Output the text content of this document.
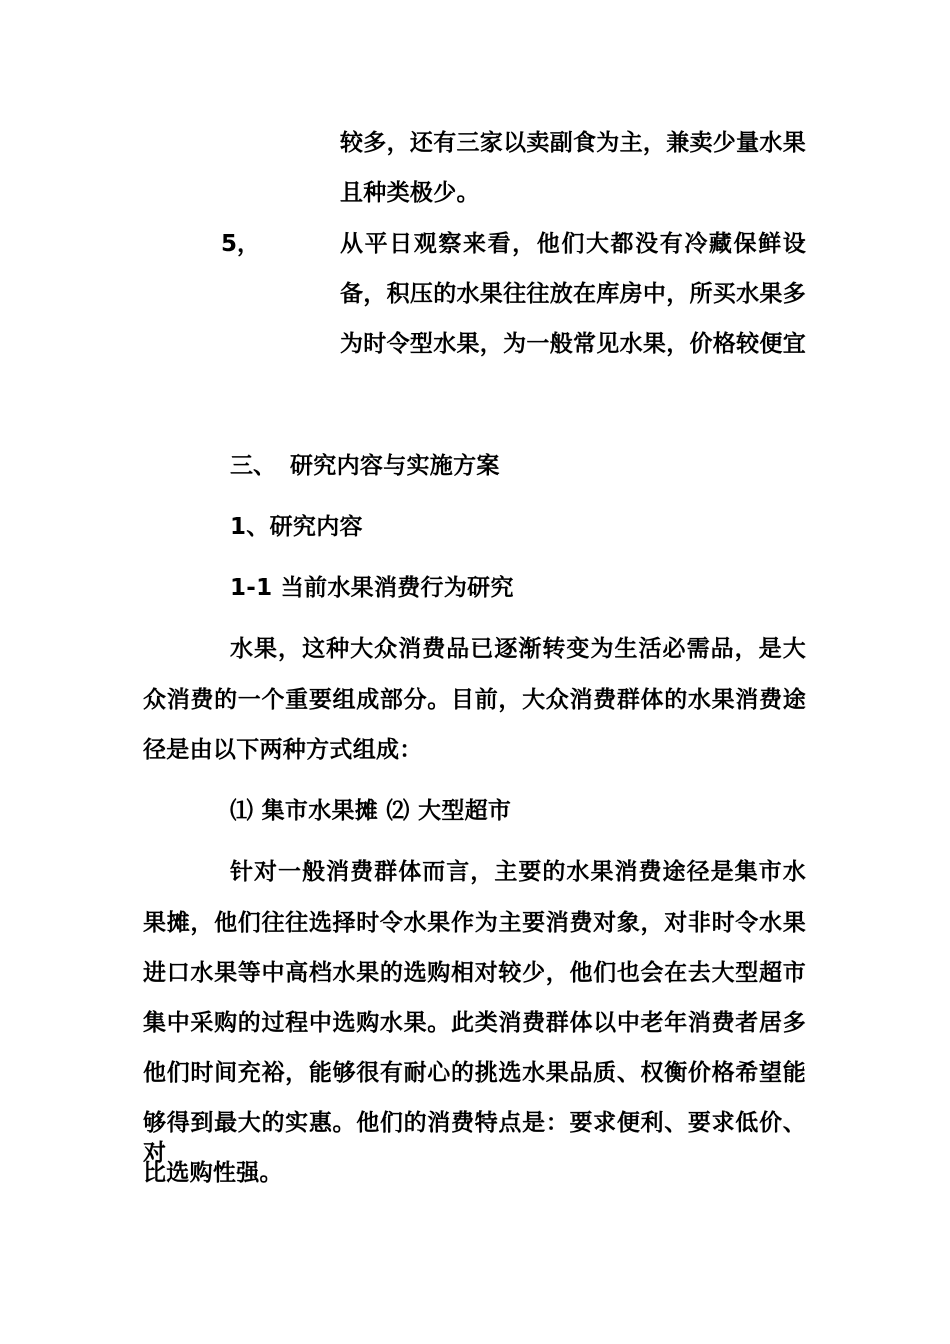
较多，还有三家以卖副食为主，兼卖少量水果
且种类极少。
5，	从平日观察来看，他们大都没有冷藏保鲜设
备，积压的水果往往放在库房中，所买水果多
为时令型水果，为一般常见水果，价格较便宜
三、 研究内容与实施方案
1、研究内容
1-1 当前水果消费行为研究
水果，这种大众消费品已逐渐转变为生活必需品，是大
众消费的一个重要组成部分。目前，大众消费群体的水果消费途
径是由以下两种方式组成：
⑴ 集市水果摊 ⑵ 大型超市
针对一般消费群体而言，主要的水果消费途径是集市水
果摊，他们往往选择时令水果作为主要消费对象，对非时令水果
进口水果等中高档水果的选购相对较少，他们也会在去大型超市
集中采购的过程中选购水果。此类消费群体以中老年消费者居多
他们时间充裕，能够很有耐心的挑选水果品质、权衡价格希望能
够得到最大的实惠。他们的消费特点是：要求便利、要求低价、对
比选购性强。
